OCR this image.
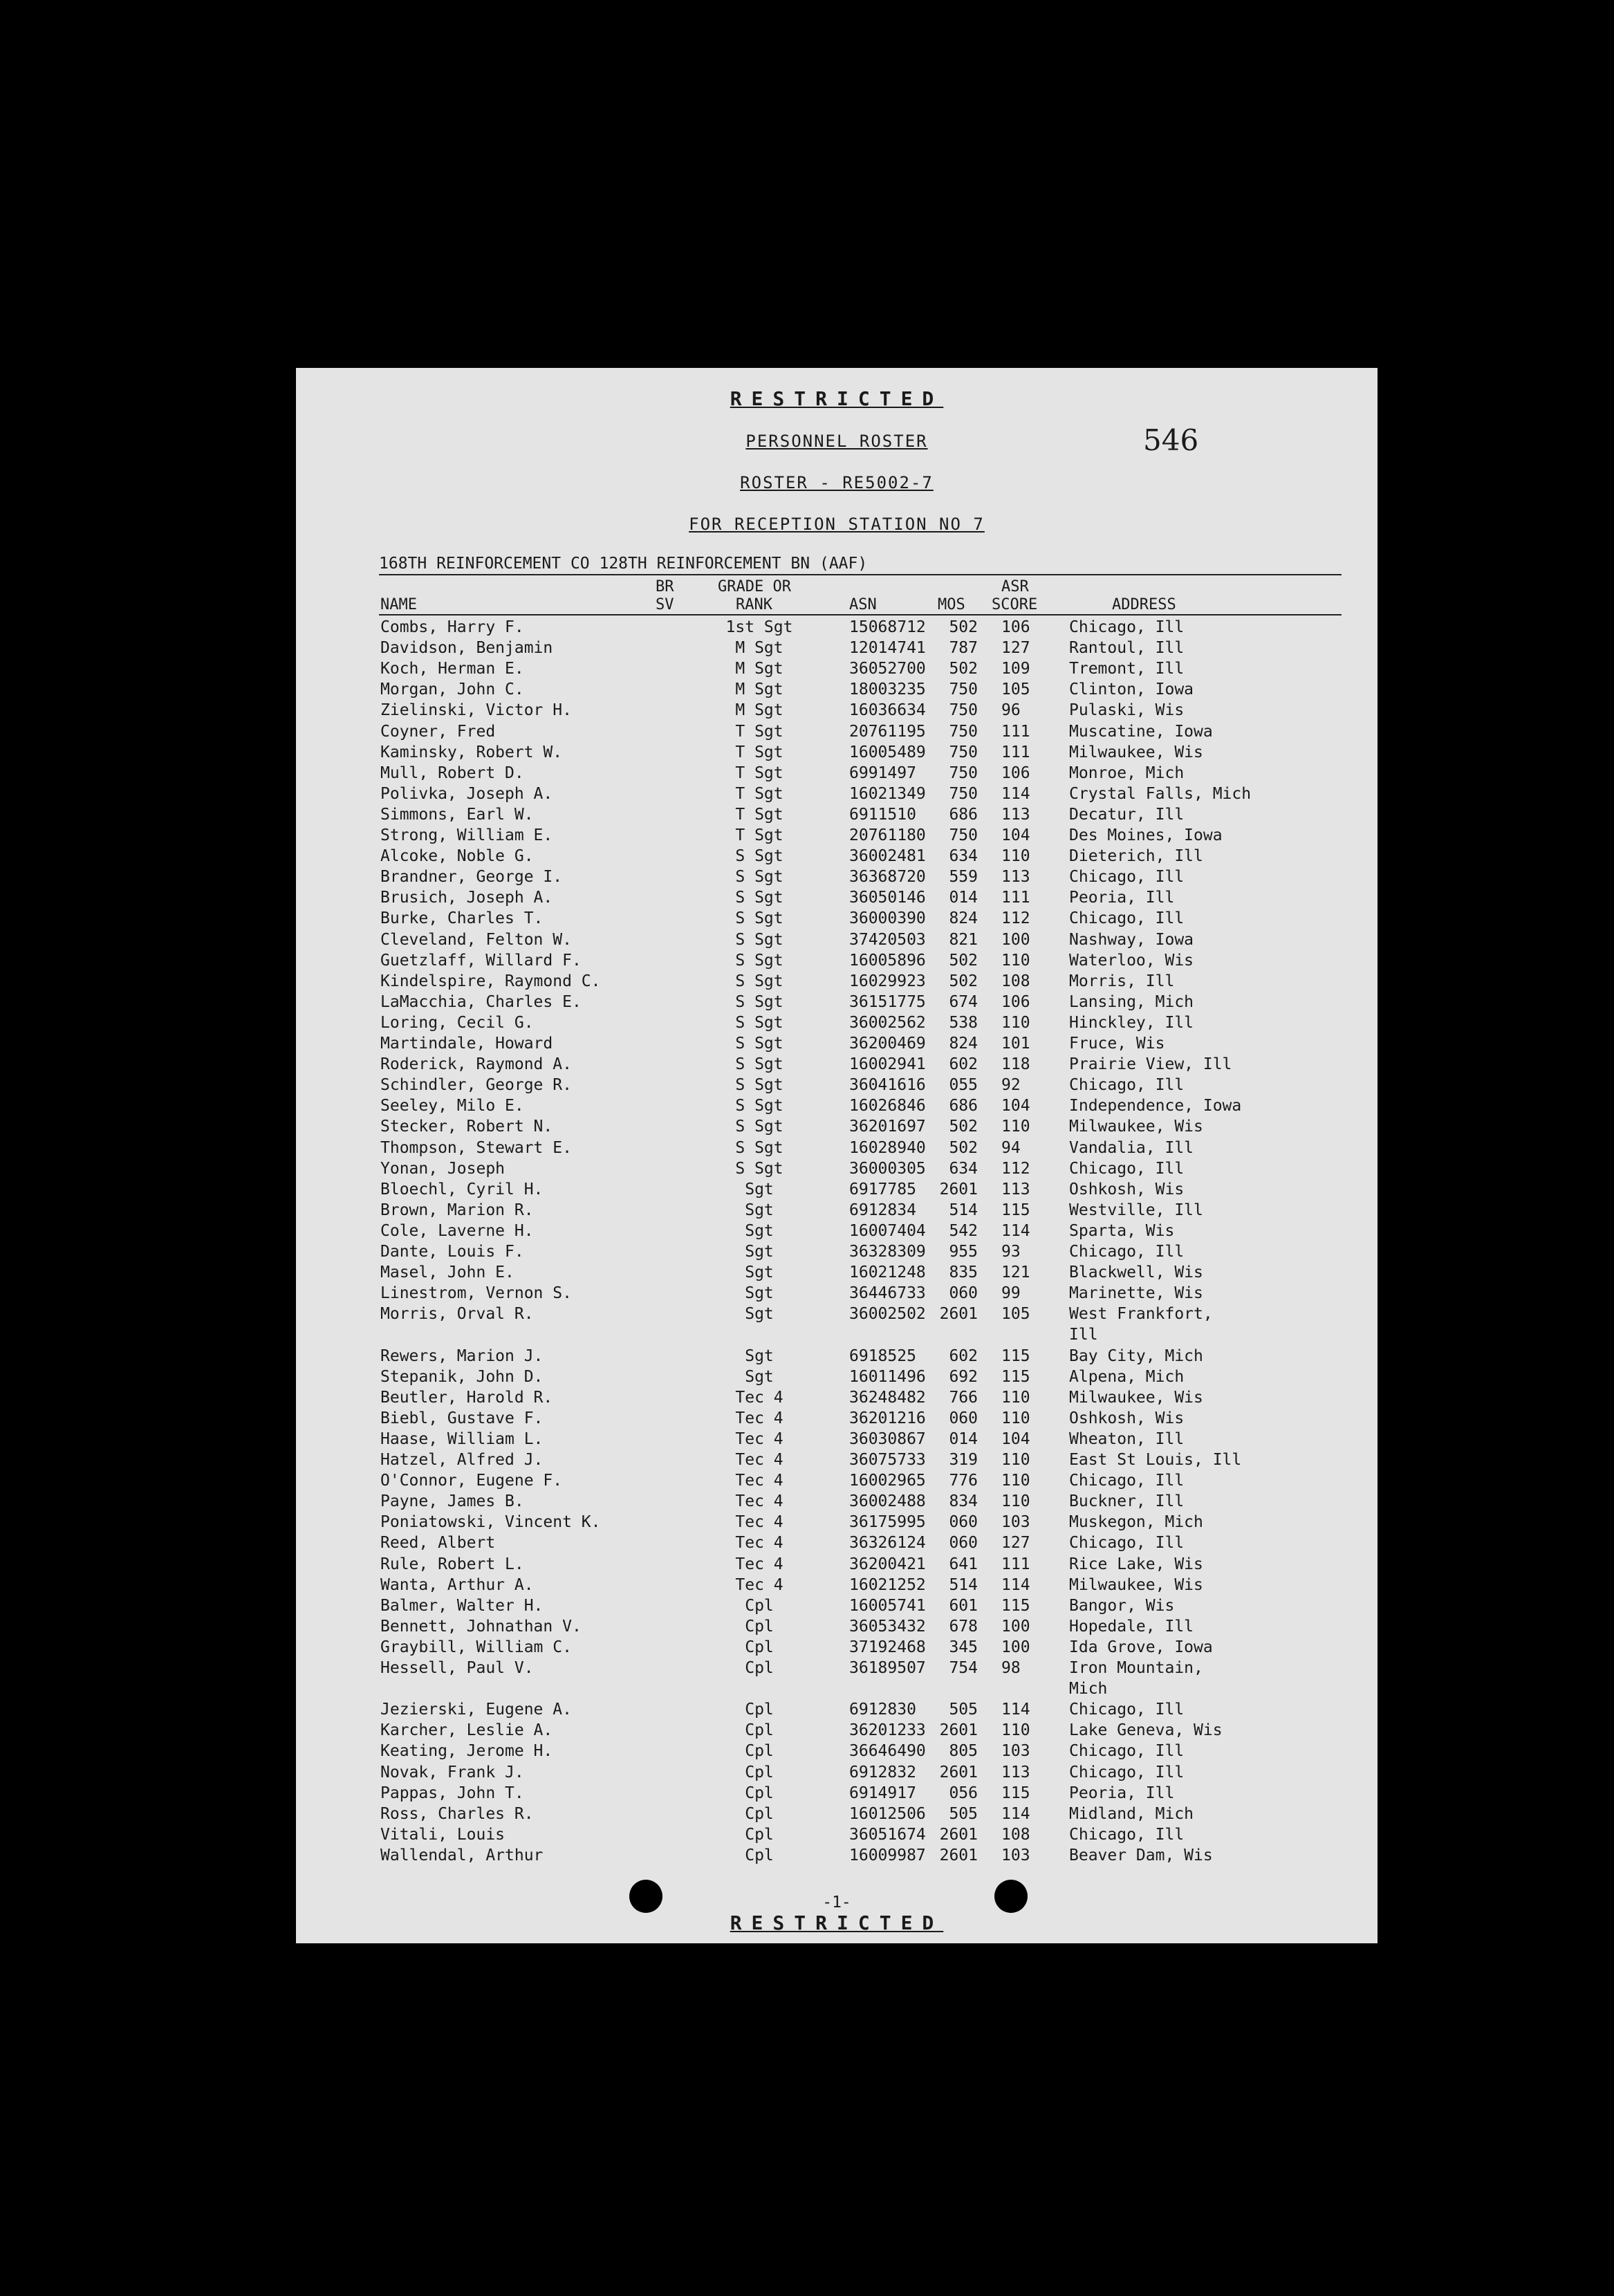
RESTRICTED
PERSONNEL ROSTER
ROSTER - RE5002-7
FOR RECEPTION STATION NO 7
546
168TH REINFORCEMENT CO 128TH REINFORCEMENT BN (AAF)
BR
SV
GRADE OR
RANK
ASR
NAME	ASN	MOS SCORE	ADDRESS
Combs, Harry F.	1st Sgt	15068712	502 106 Chicago, Ill
Davidson, Benjamin	M Sgt	12014741	787 127 Rantoul, Ill
Koch, Herman E.	M Sgt	36052700	502 109 Tremont, Ill
Morgan, John C.	M Sgt	18003235	750 105 Clinton, Iowa
Zielinski, Victor H.	M Sgt	16036634	750 96	Pulaski, Wis
Coyner, Fred	T Sgt	20761195	750 111 Muscatine, Iowa
Kaminsky, Robert W.	T Sgt	16005489	750 111 Milwaukee, Wis
Mull, Robert D.	T Sgt	6991497	750 106 Monroe, Mich
Polivka, Joseph A.	T Sgt	16021349	750 114 Crystal Falls, Mich
Simmons, Earl W.	T Sgt	6911510	686 113 Decatur, Ill
Strong, William E.	T Sgt	20761180	750 104 Des Moines, Iowa
Alcoke, Noble G.	S Sgt	36002481	634 110 Dieterich, Ill
Brandner, George I.	S Sgt	36368720	559 113 Chicago, Ill
Brusich, Joseph A.	S Sgt	36050146	014 111 Peoria, Ill
Burke, Charles T.	S Sgt	36000390	824 112 Chicago, Ill
Cleveland, Felton W.	S Sgt	37420503	821 100 Nashway, Iowa
Guetzlaff, Willard F.	S Sgt	16005896	502 110 Waterloo, Wis
Kindelspire, Raymond C.	S Sgt	16029923	502 108 Morris, Ill
LaMacchia, Charles E.	S Sgt	36151775	674 106 Lansing, Mich
Loring, Cecil G.	S Sgt	36002562	538 110 Hinckley, Ill
Martindale, Howard	S Sgt	36200469	824 101 Fruce, Wis
Roderick, Raymond A.	S Sgt	16002941	602 118 Prairie View, Ill
Schindler, George R.	S Sgt	36041616	055 92	Chicago, Ill
Seeley, Milo E.	S Sgt	16026846	686 104 Independence, Iowa
Stecker, Robert N.	S Sgt	36201697	502 110 Milwaukee, Wis
Thompson, Stewart E.	S Sgt	16028940	502 94	Vandalia, Ill
Yonan, Joseph	S Sgt	36000305	634 112 Chicago, Ill
Bloechl, Cyril H.	Sgt	6917785	2601 113 Oshkosh, Wis
Brown, Marion R.	Sgt	6912834	514 115 Westville, Ill
Cole, Laverne H.	Sgt	16007404	542 114 Sparta, Wis
Dante, Louis F.	Sgt	36328309	955 93	Chicago, Ill
Masel, John E.	Sgt	16021248	835 121 Blackwell, Wis
Linestrom, Vernon S.	Sgt	36446733	060 99	Marinette, Wis
Morris, Orval R.	Sgt	36002502 2601 105 West Frankfort,
Ill
Rewers, Marion J.	Sgt	6918525	602 115 Bay City, Mich
Stepanik, John D.	Sgt	16011496	692 115 Alpena, Mich
Beutler, Harold R.	Tec 4	36248482	766 110 Milwaukee, Wis
Biebl, Gustave F.	Tec 4	36201216	060 110 Oshkosh, Wis
Haase, William L.	Tec 4	36030867	014 104 Wheaton, Ill
Hatzel, Alfred J.	Tec 4	36075733	319 110 East St Louis, Ill
O'Connor, Eugene F.	Tec 4	16002965	776 110 Chicago, Ill
Payne, James B.	Tec 4	36002488	834 110 Buckner, Ill
Poniatowski, Vincent K.	Tec 4	36175995	060 103 Muskegon, Mich
Reed, Albert	Tec 4	36326124	060 127 Chicago, Ill
Rule, Robert L.	Tec 4	36200421	641 111 Rice Lake, Wis
Wanta, Arthur A.	Tec 4	16021252	514 114 Milwaukee, Wis
Balmer, Walter H.	Cpl	16005741	601 115 Bangor, Wis
Bennett, Johnathan V.	Cpl	36053432	678 100 Hopedale, Ill
Graybill, William C.	Cpl	37192468	345 100 Ida Grove, Iowa
Hessell, Paul V.	Cpl	36189507	754 98	Iron Mountain,
Mich
Jezierski, Eugene A.	Cpl	6912830	505 114 Chicago, Ill
Karcher, Leslie A.	Cpl	36201233 2601 110 Lake Geneva, Wis
Keating, Jerome H.	Cpl	36646490	805 103 Chicago, Ill
Novak, Frank J.	Cpl	6912832	2601 113 Chicago, Ill
Pappas, John T.	Cpl	6914917	056 115 Peoria, Ill
Ross, Charles R.	Cpl	16012506	505 114 Midland, Mich
Vitali, Louis	Cpl	36051674 2601 108 Chicago, Ill
Wallendal, Arthur	Cpl	16009987 2601 103 Beaver Dam, Wis
-1-
RESTRICTED
